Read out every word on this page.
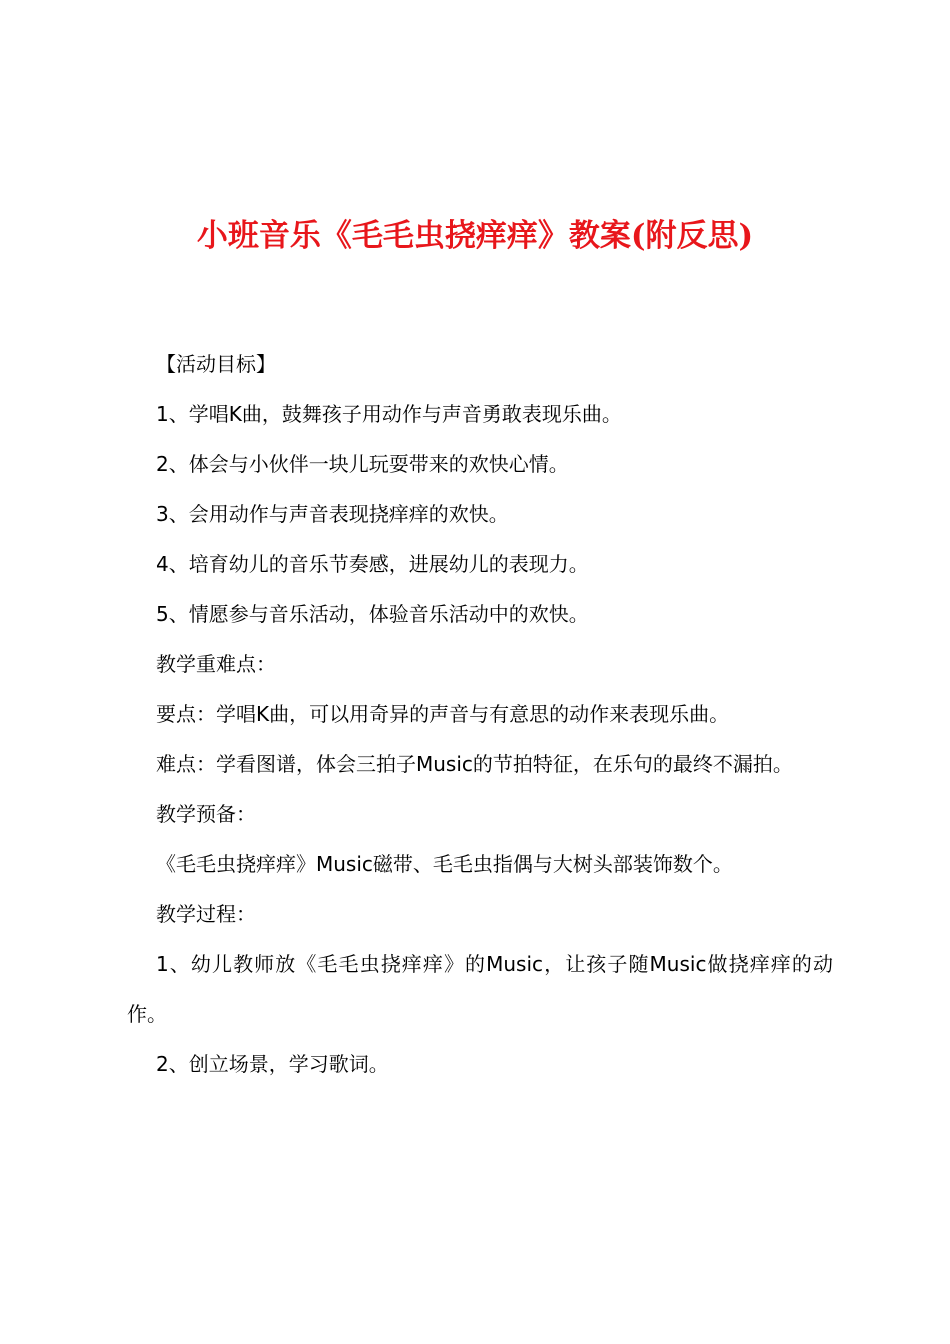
小班音乐《毛毛虫挠痒痒》教案(附反思)

【活动目标】

1、学唱K曲，鼓舞孩子用动作与声音勇敢表现乐曲。

2、体会与小伙伴一块儿玩耍带来的欢快心情。

3、会用动作与声音表现挠痒痒的欢快。

4、培育幼儿的音乐节奏感，进展幼儿的表现力。

5、情愿参与音乐活动，体验音乐活动中的欢快。

教学重难点：

要点：学唱K曲，可以用奇异的声音与有意思的动作来表现乐曲。

难点：学看图谱，体会三拍子Music的节拍特征，在乐句的最终不漏拍。

教学预备：

《毛毛虫挠痒痒》Music磁带、毛毛虫指偶与大树头部装饰数个。

教学过程：

1、幼儿教师放《毛毛虫挠痒痒》的Music，让孩子随Music做挠痒痒的动作。

2、创立场景，学习歌词。
